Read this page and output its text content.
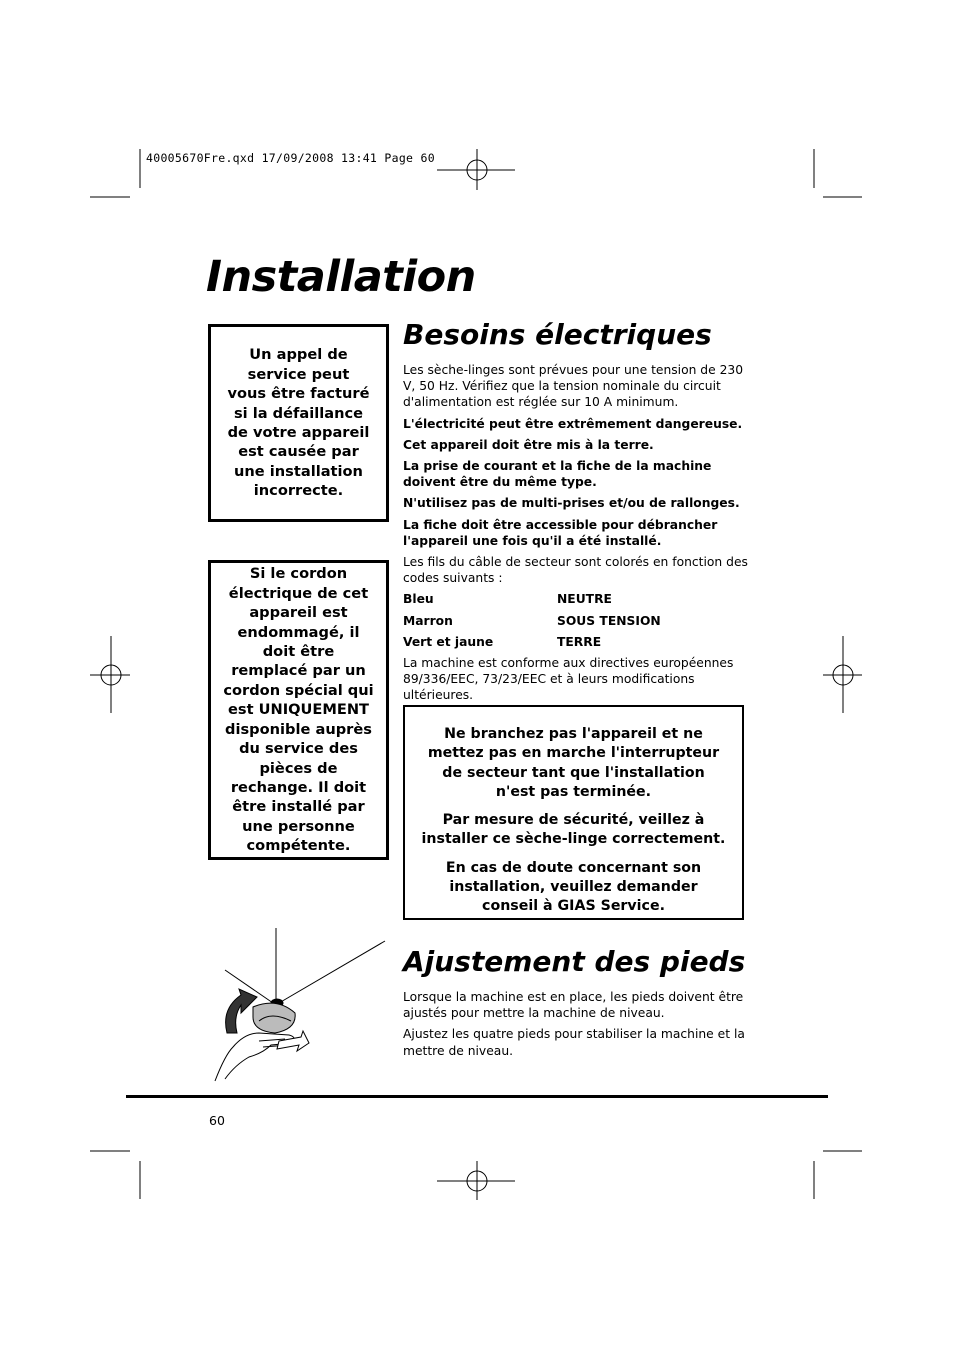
40005670Fre.qxd 17/09/2008 13:41 Page 60
Installation
Un appel de service peut vous être facturé si la défaillance de votre appareil est causée par une installation incorrecte.
Si le cordon électrique de cet appareil est endommagé, il doit être remplacé par un cordon spécial qui est UNIQUEMENT disponible auprès du service des pièces de rechange. Il doit être installé par une personne compétente.
Besoins électriques

Les sèche-linges sont prévues pour une tension de 230 V, 50 Hz. Vérifiez que la tension nominale du circuit d'alimentation est réglée sur 10 A minimum.

L'électricité peut être extrêmement dangereuse.

Cet appareil doit être mis à la terre.

La prise de courant et la fiche de la machine doivent être du même type.

N'utilisez pas de multi-prises et/ou de rallonges.

La fiche doit être accessible pour débrancher l'appareil une fois qu'il a été installé.

Les fils du câble de secteur sont colorés en fonction des codes suivants :

Bleu	NEUTRE
Marron	SOUS TENSION
Vert et jaune	TERRE

La machine est conforme aux directives européennes 89/336/EEC, 73/23/EEC et à leurs modifications ultérieures.

Ne branchez pas l'appareil et ne mettez pas en marche l'interrupteur de secteur tant que l'installation n'est pas terminée.

Par mesure de sécurité, veillez à installer ce sèche-linge correctement.

En cas de doute concernant son installation, veuillez demander conseil à GIAS Service.

Ajustement des pieds

Lorsque la machine est en place, les pieds doivent être ajustés pour mettre la machine de niveau.

Ajustez les quatre pieds pour stabiliser la machine et la mettre de niveau.

60
